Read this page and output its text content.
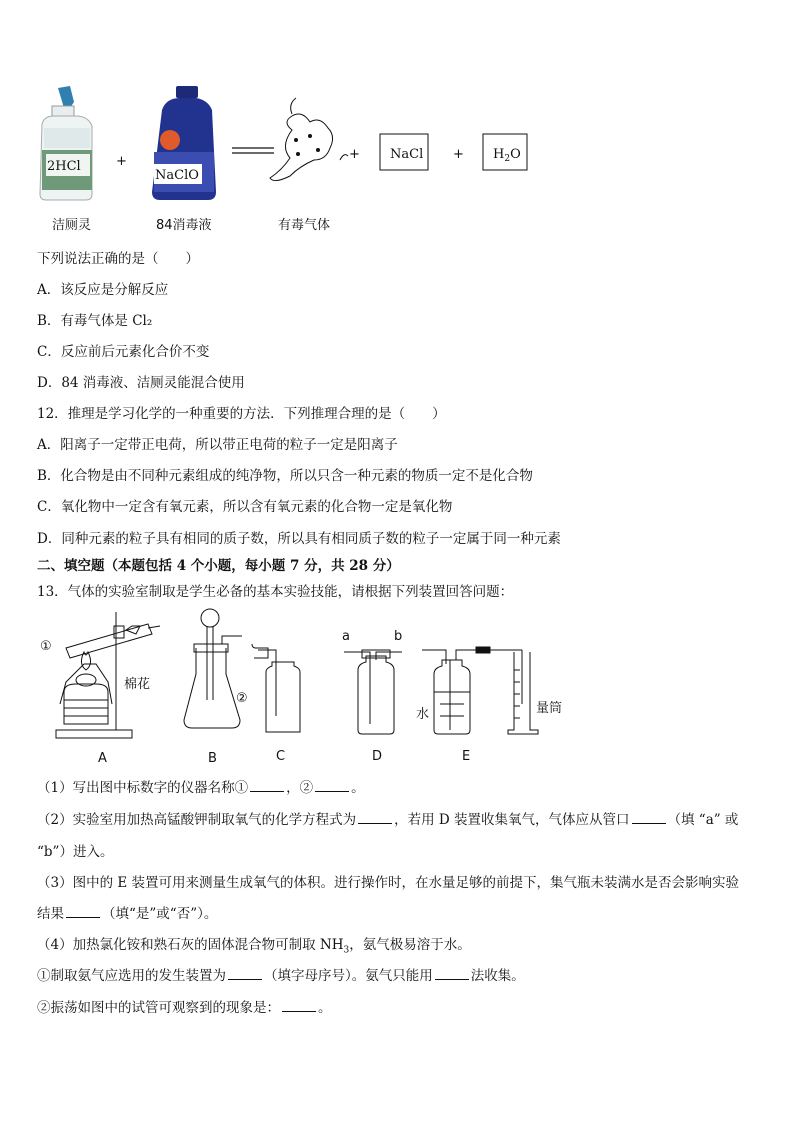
2HCl	+
NaClO
+ NaCl + $H_2O$
洁厕灵	84消毒液	有毒气体
下列说法正确的是（　　）
A．该反应是分解反应
B．有毒气体是 Cl₂
C．反应前后元素化合价不变
D．84 消毒液、洁厕灵能混合使用
12．推理是学习化学的一种重要的方法．下列推理合理的是（　　）
A．阳离子一定带正电荷，所以带正电荷的粒子一定是阳离子
B．化合物是由不同种元素组成的纯净物，所以只含一种元素的物质一定不是化合物
C．氧化物中一定含有氧元素，所以含有氧元素的化合物一定是氧化物
D．同种元素的粒子具有相同的质子数，所以具有相同质子数的粒子一定属于同一种元素
二、填空题（本题包括 4 个小题，每小题 7 分，共 28 分）
13．气体的实验室制取是学生必备的基本实验技能，请根据下列装置回答问题：
①
棉花
②
a	b
水	量筒
A	B	C	D	E
（1）写出图中标数字的仪器名称①	，②	。
（2）实验室用加热高锰酸钾制取氧气的化学方程式为	，若用 D 装置收集氧气，气体应从管口	（填 “a” 或
“b”）进入。
（3）图中的 E 装置可用来测量生成氧气的体积。进行操作时，在水量足够的前提下，集气瓶未装满水是否会影响实验
结果	（填“是”或“否”）。
（4）加热氯化铵和熟石灰的固体混合物可制取 $NH_3$，氨气极易溶于水。
①制取氨气应选用的发生装置为	（填字母序号）。氨气只能用	法收集。
②振荡如图中的试管可观察到的现象是：	。
